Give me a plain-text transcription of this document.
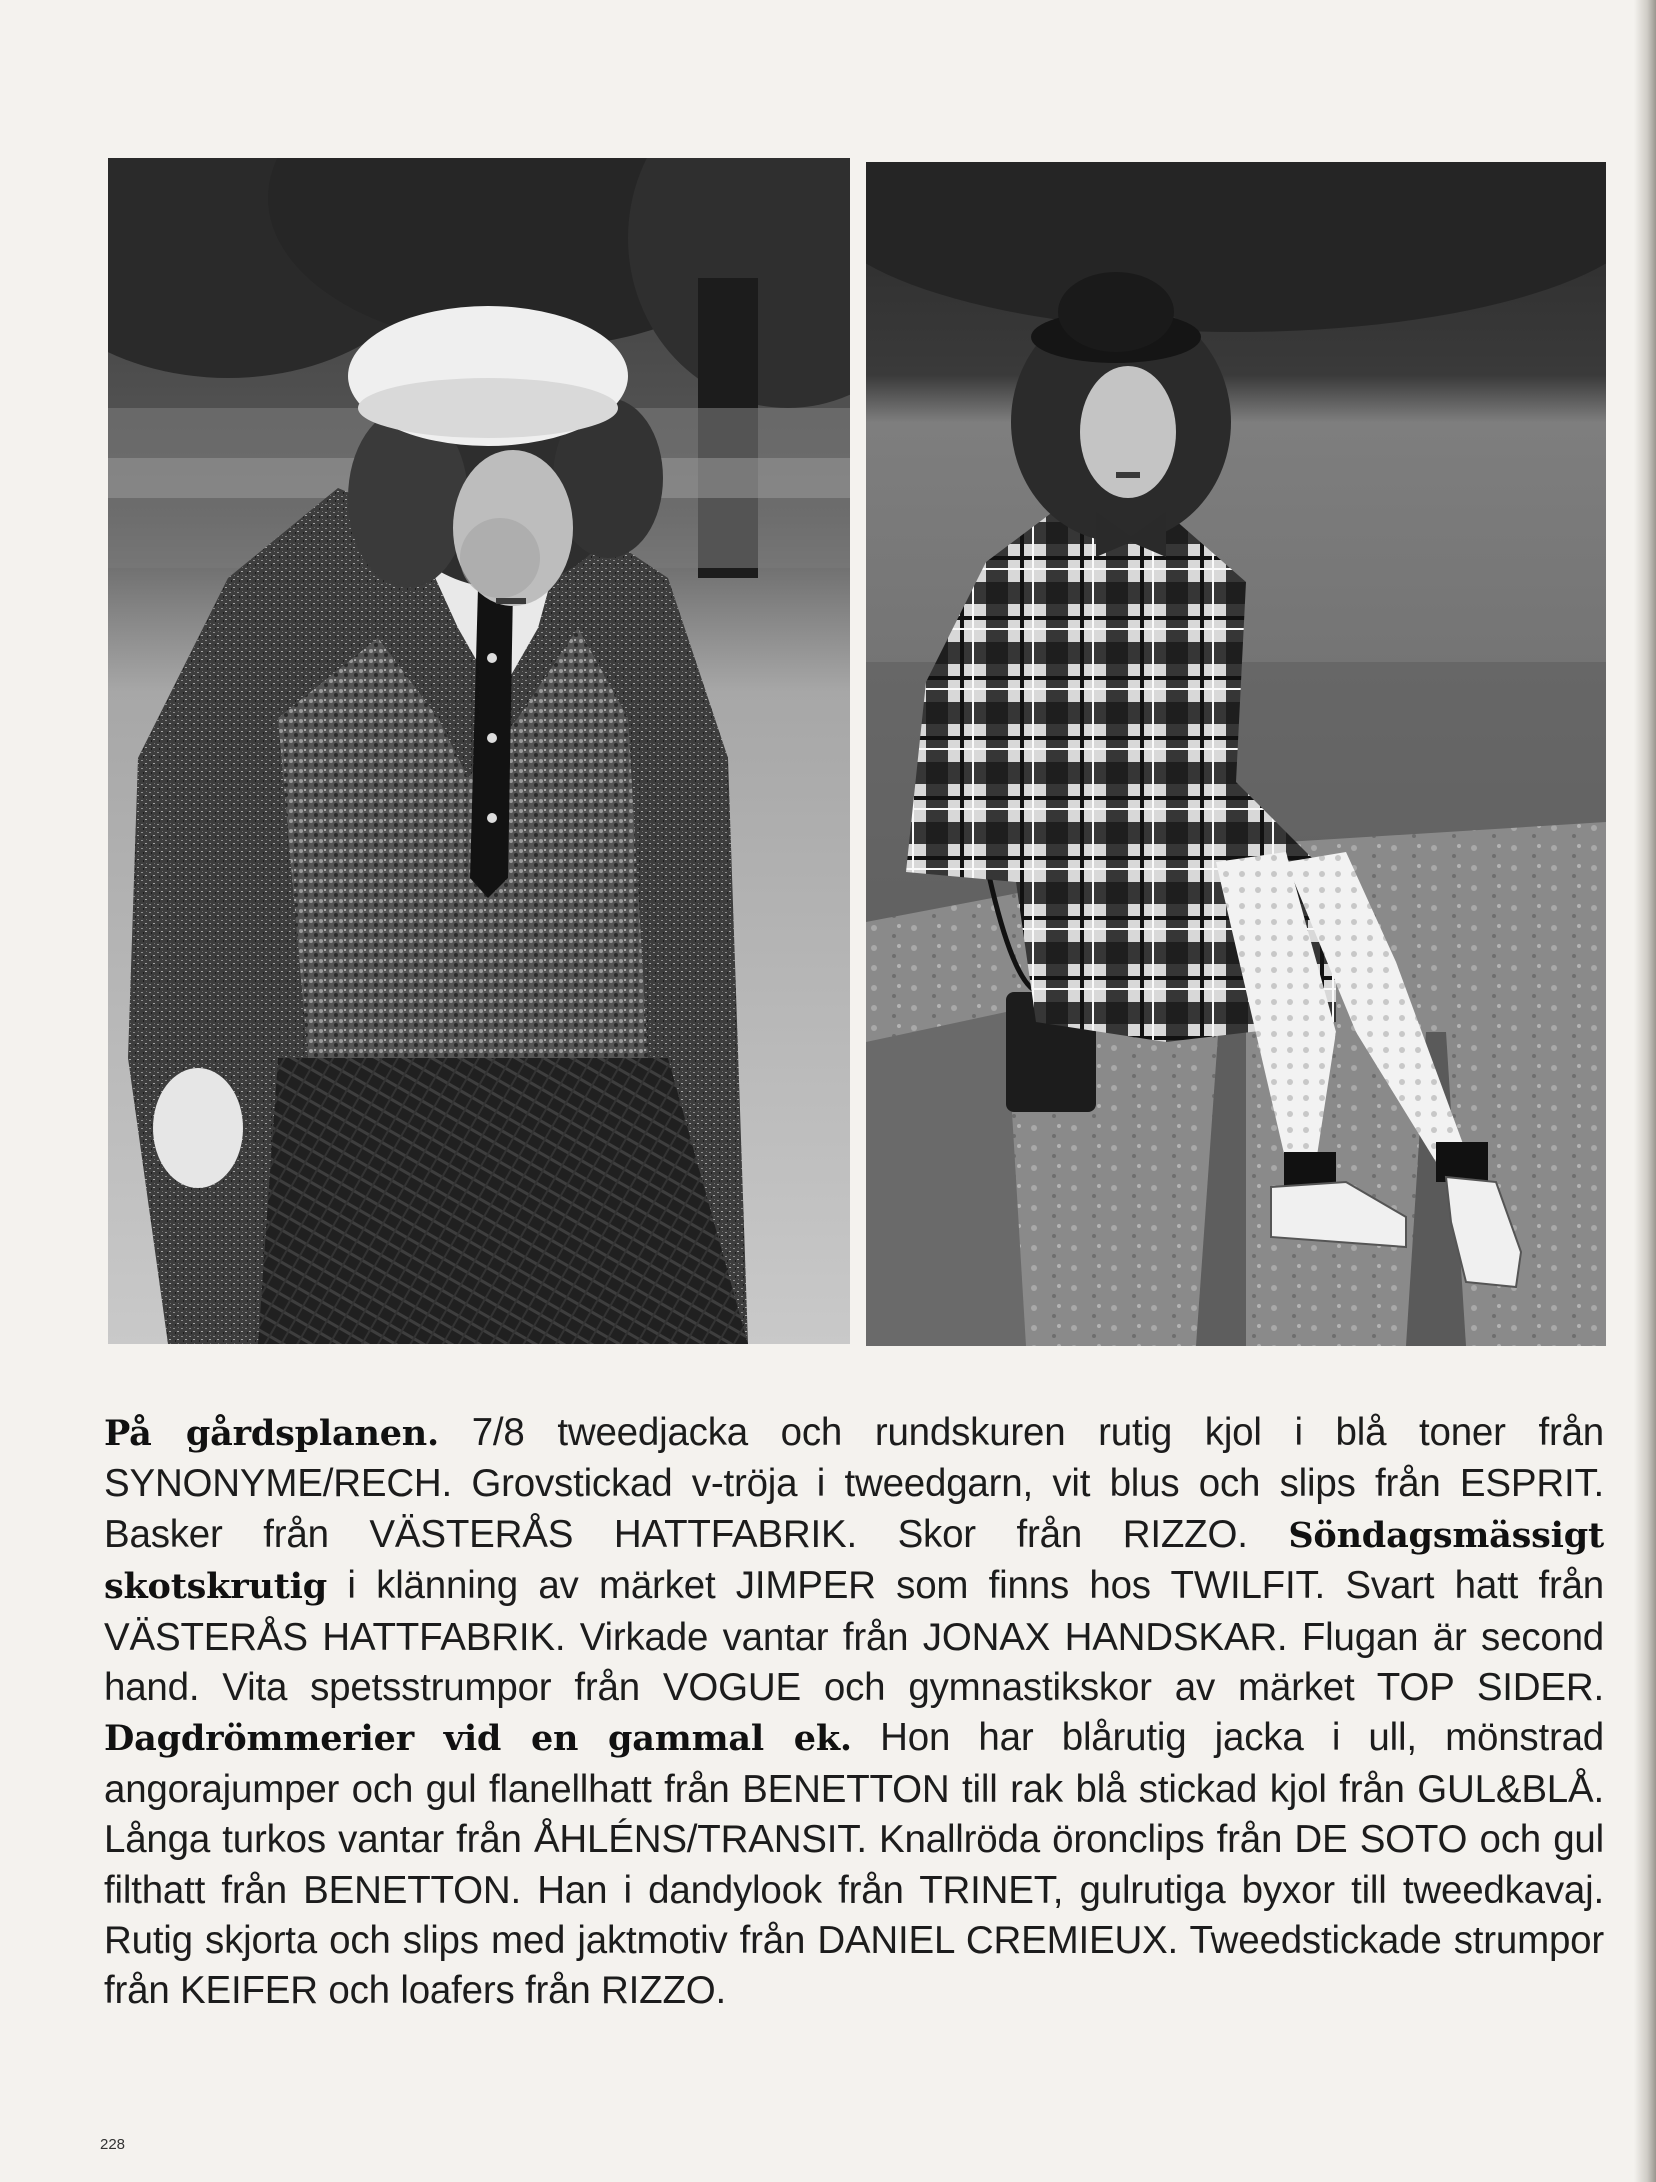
På gårdsplanen. 7/8 tweedjacka och rundskuren rutig kjol i blå toner från SYNONYME/RECH. Grovstickad v-tröja i tweedgarn, vit blus och slips från ESPRIT. Basker från VÄSTERÅS HATTFABRIK. Skor från RIZZO. Söndagsmässigt skotskrutig i klänning av märket JIMPER som finns hos TWILFIT. Svart hatt från VÄSTERÅS HATTFABRIK. Virkade vantar från JONAX HANDSKAR. Flugan är second hand. Vita spetsstrumpor från VOGUE och gymnastikskor av märket TOP SIDER. Dagdrömmerier vid en gammal ek. Hon har blårutig jacka i ull, mönstrad angorajumper och gul flanellhatt från BENETTON till rak blå stickad kjol från GUL&BLÅ. Långa turkos vantar från ÅHLÉNS/TRANSIT. Knallröda öronclips från DE SOTO och gul filthatt från BENETTON. Han i dandylook från TRINET, gulrutiga byxor till tweedkavaj. Rutig skjorta och slips med jaktmotiv från DANIEL CREMIEUX. Tweedstickade strumpor från KEIFER och loafers från RIZZO.
228
